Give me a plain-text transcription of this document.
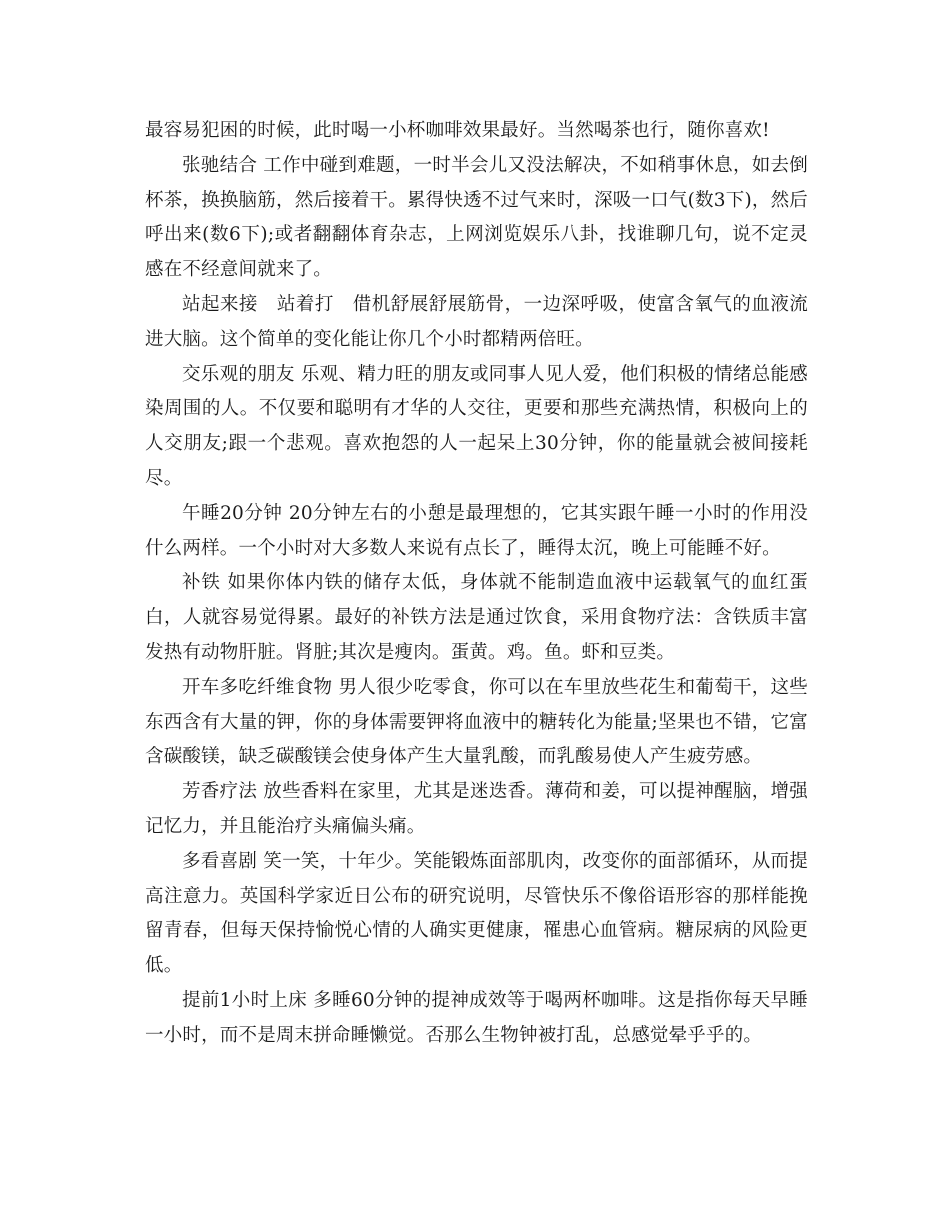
最容易犯困的时候，此时喝一小杯咖啡效果最好。当然喝茶也行，随你喜欢!

张驰结合 工作中碰到难题，一时半会儿又没法解决，不如稍事休息，如去倒杯茶，换换脑筋，然后接着干。累得快透不过气来时，深吸一口气(数3下)，然后呼出来(数6下);或者翻翻体育杂志，上网浏览娱乐八卦，找谁聊几句，说不定灵感在不经意间就来了。

站起来接　站着打　借机舒展舒展筋骨，一边深呼吸，使富含氧气的血液流进大脑。这个简单的变化能让你几个小时都精两倍旺。

交乐观的朋友 乐观、精力旺的朋友或同事人见人爱，他们积极的情绪总能感染周围的人。不仅要和聪明有才华的人交往，更要和那些充满热情，积极向上的人交朋友;跟一个悲观。喜欢抱怨的人一起呆上30分钟，你的能量就会被间接耗尽。

午睡20分钟 20分钟左右的小憩是最理想的，它其实跟午睡一小时的作用没什么两样。一个小时对大多数人来说有点长了，睡得太沉，晚上可能睡不好。

补铁 如果你体内铁的储存太低，身体就不能制造血液中运载氧气的血红蛋白，人就容易觉得累。最好的补铁方法是通过饮食，采用食物疗法：含铁质丰富发热有动物肝脏。肾脏;其次是瘦肉。蛋黄。鸡。鱼。虾和豆类。

开车多吃纤维食物 男人很少吃零食，你可以在车里放些花生和葡萄干，这些东西含有大量的钾，你的身体需要钾将血液中的糖转化为能量;坚果也不错，它富含碳酸镁，缺乏碳酸镁会使身体产生大量乳酸，而乳酸易使人产生疲劳感。

芳香疗法 放些香料在家里，尤其是迷迭香。薄荷和姜，可以提神醒脑，增强记忆力，并且能治疗头痛偏头痛。

多看喜剧 笑一笑，十年少。笑能锻炼面部肌肉，改变你的面部循环，从而提高注意力。英国科学家近日公布的研究说明，尽管快乐不像俗语形容的那样能挽留青春，但每天保持愉悦心情的人确实更健康，罹患心血管病。糖尿病的风险更低。

提前1小时上床 多睡60分钟的提神成效等于喝两杯咖啡。这是指你每天早睡一小时，而不是周末拼命睡懒觉。否那么生物钟被打乱，总感觉晕乎乎的。
